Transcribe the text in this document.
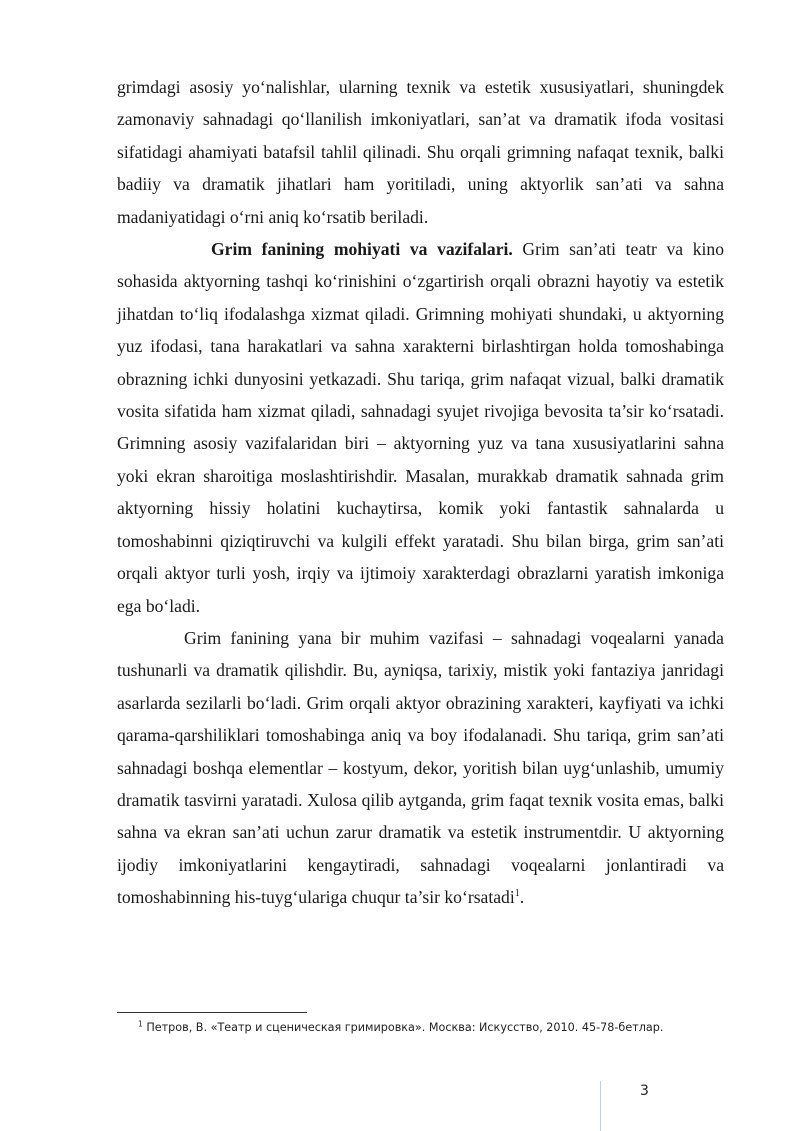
grimdagi asosiy yo‘nalishlar, ularning texnik va estetik xususiyatlari, shuningdek zamonaviy sahnadagi qo‘llanilish imkoniyatlari, san’at va dramatik ifoda vositasi sifatidagi ahamiyati batafsil tahlil qilinadi. Shu orqali grimning nafaqat texnik, balki badiiy va dramatik jihatlari ham yoritiladi, uning aktyorlik san’ati va sahna madaniyatidagi o‘rni aniq ko‘rsatib beriladi.

Grim fanining mohiyati va vazifalari. Grim san’ati teatr va kino sohasida aktyorning tashqi ko‘rinishini o‘zgartirish orqali obrazni hayotiy va estetik jihatdan to‘liq ifodalashga xizmat qiladi. Grimning mohiyati shundaki, u aktyorning yuz ifodasi, tana harakatlari va sahna xarakterni birlashtirgan holda tomoshabinga obrazning ichki dunyosini yetkazadi. Shu tariqa, grim nafaqat vizual, balki dramatik vosita sifatida ham xizmat qiladi, sahnadagi syujet rivojiga bevosita ta’sir ko‘rsatadi. Grimning asosiy vazifalaridan biri – aktyorning yuz va tana xususiyatlarini sahna yoki ekran sharoitiga moslashtirishdir. Masalan, murakkab dramatik sahnada grim aktyorning hissiy holatini kuchaytirsa, komik yoki fantastik sahnalarda u tomoshabinni qiziqtiruvchi va kulgili effekt yaratadi. Shu bilan birga, grim san’ati orqali aktyor turli yosh, irqiy va ijtimoiy xarakterdagi obrazlarni yaratish imkoniga ega bo‘ladi.

Grim fanining yana bir muhim vazifasi – sahnadagi voqealarni yanada tushunarli va dramatik qilishdir. Bu, ayniqsa, tarixiy, mistik yoki fantaziya janridagi asarlarda sezilarli bo‘ladi. Grim orqali aktyor obrazining xarakteri, kayfiyati va ichki qarama-qarshiliklari tomoshabinga aniq va boy ifodalanadi. Shu tariqa, grim san’ati sahnadagi boshqa elementlar – kostyum, dekor, yoritish bilan uyg‘unlashib, umumiy dramatik tasvirni yaratadi. Xulosa qilib aytganda, grim faqat texnik vosita emas, balki sahna va ekran san’ati uchun zarur dramatik va estetik instrumentdir. U aktyorning ijodiy imkoniyatlarini kengaytiradi, sahnadagi voqealarni jonlantiradi va tomoshabinning his-tuyg‘ulariga chuqur ta’sir ko‘rsatadi$^1$.

$^1$ Петров, В. «Театр и сценическая гримировка». Москва: Искусство, 2010. 45-78-бетлар.
3
